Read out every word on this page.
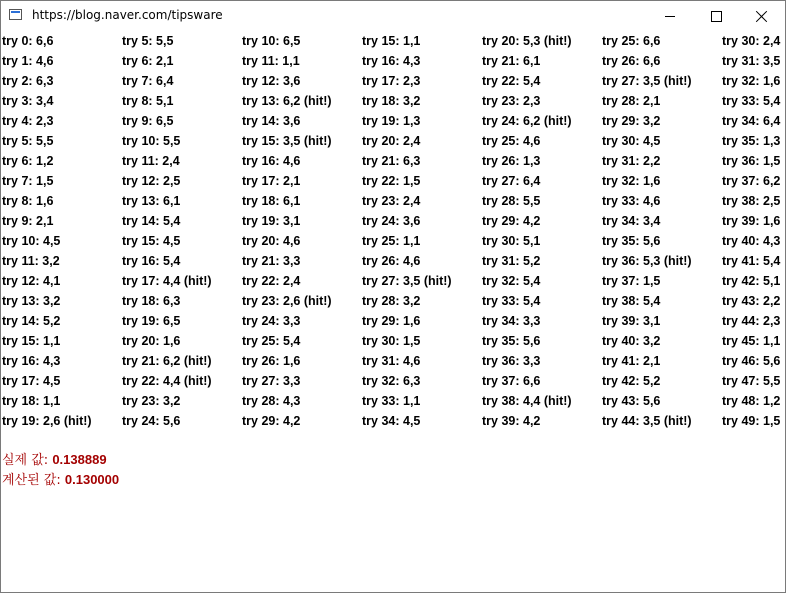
https://blog.naver.com/tipsware
try 0: 6,6
try 1: 4,6
try 2: 6,3
try 3: 3,4
try 4: 2,3
try 5: 5,5
try 6: 1,2
try 7: 1,5
try 8: 1,6
try 9: 2,1
try 10: 4,5
try 11: 3,2
try 12: 4,1
try 13: 3,2
try 14: 5,2
try 15: 1,1
try 16: 4,3
try 17: 4,5
try 18: 1,1
try 19: 2,6 (hit!)
try 5: 5,5
try 6: 2,1
try 7: 6,4
try 8: 5,1
try 9: 6,5
try 10: 5,5
try 11: 2,4
try 12: 2,5
try 13: 6,1
try 14: 5,4
try 15: 4,5
try 16: 5,4
try 17: 4,4 (hit!)
try 18: 6,3
try 19: 6,5
try 20: 1,6
try 21: 6,2 (hit!)
try 22: 4,4 (hit!)
try 23: 3,2
try 24: 5,6
try 10: 6,5
try 11: 1,1
try 12: 3,6
try 13: 6,2 (hit!)
try 14: 3,6
try 15: 3,5 (hit!)
try 16: 4,6
try 17: 2,1
try 18: 6,1
try 19: 3,1
try 20: 4,6
try 21: 3,3
try 22: 2,4
try 23: 2,6 (hit!)
try 24: 3,3
try 25: 5,4
try 26: 1,6
try 27: 3,3
try 28: 4,3
try 29: 4,2
try 15: 1,1
try 16: 4,3
try 17: 2,3
try 18: 3,2
try 19: 1,3
try 20: 2,4
try 21: 6,3
try 22: 1,5
try 23: 2,4
try 24: 3,6
try 25: 1,1
try 26: 4,6
try 27: 3,5 (hit!)
try 28: 3,2
try 29: 1,6
try 30: 1,5
try 31: 4,6
try 32: 6,3
try 33: 1,1
try 34: 4,5
try 20: 5,3 (hit!)
try 21: 6,1
try 22: 5,4
try 23: 2,3
try 24: 6,2 (hit!)
try 25: 4,6
try 26: 1,3
try 27: 6,4
try 28: 5,5
try 29: 4,2
try 30: 5,1
try 31: 5,2
try 32: 5,4
try 33: 5,4
try 34: 3,3
try 35: 5,6
try 36: 3,3
try 37: 6,6
try 38: 4,4 (hit!)
try 39: 4,2
try 25: 6,6
try 26: 6,6
try 27: 3,5 (hit!)
try 28: 2,1
try 29: 3,2
try 30: 4,5
try 31: 2,2
try 32: 1,6
try 33: 4,6
try 34: 3,4
try 35: 5,6
try 36: 5,3 (hit!)
try 37: 1,5
try 38: 5,4
try 39: 3,1
try 40: 3,2
try 41: 2,1
try 42: 5,2
try 43: 5,6
try 44: 3,5 (hit!)
try 30: 2,4
try 31: 3,5
try 32: 1,6
try 33: 5,4
try 34: 6,4
try 35: 1,3
try 36: 1,5
try 37: 6,2
try 38: 2,5
try 39: 1,6
try 40: 4,3
try 41: 5,4
try 42: 5,1
try 43: 2,2
try 44: 2,3
try 45: 1,1
try 46: 5,6
try 47: 5,5
try 48: 1,2
try 49: 1,5
실제 값: 0.138889
계산된 값: 0.130000
